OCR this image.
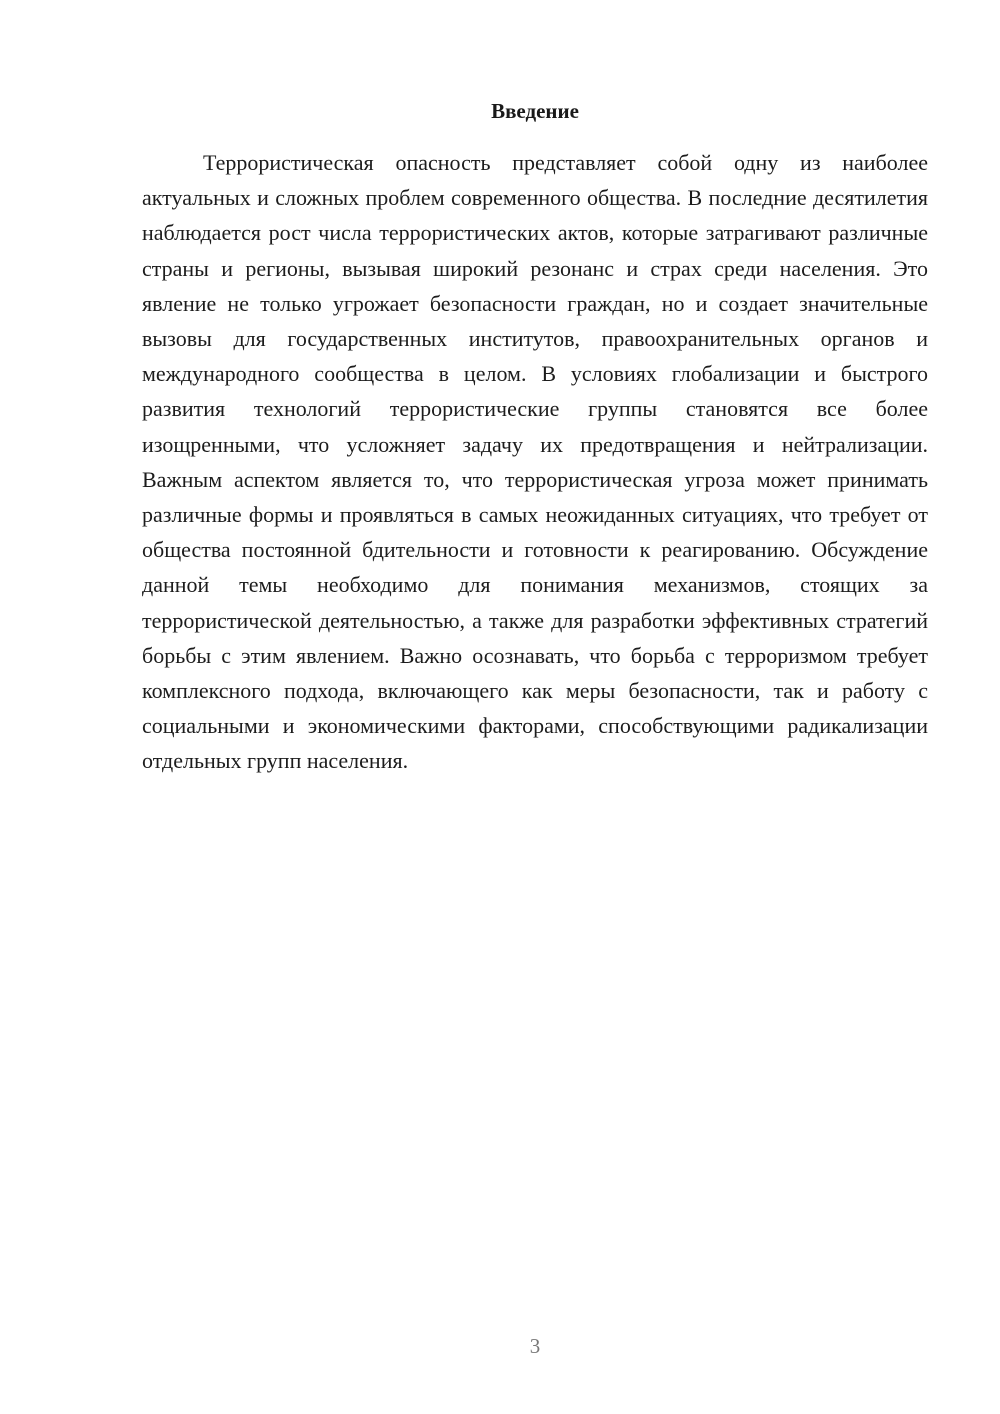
Введение

Террористическая опасность представляет собой одну из наиболее актуальных и сложных проблем современного общества. В последние десятилетия наблюдается рост числа террористических актов, которые затрагивают различные страны и регионы, вызывая широкий резонанс и страх среди населения. Это явление не только угрожает безопасности граждан, но и создает значительные вызовы для государственных институтов, правоохранительных органов и международного сообщества в целом. В условиях глобализации и быстрого развития технологий террористические группы становятся все более изощренными, что усложняет задачу их предотвращения и нейтрализации. Важным аспектом является то, что террористическая угроза может принимать различные формы и проявляться в самых неожиданных ситуациях, что требует от общества постоянной бдительности и готовности к реагированию. Обсуждение данной темы необходимо для понимания механизмов, стоящих за террористической деятельностью, а также для разработки эффективных стратегий борьбы с этим явлением. Важно осознавать, что борьба с терроризмом требует комплексного подхода, включающего как меры безопасности, так и работу с социальными и экономическими факторами, способствующими радикализации отдельных групп населения.

3
